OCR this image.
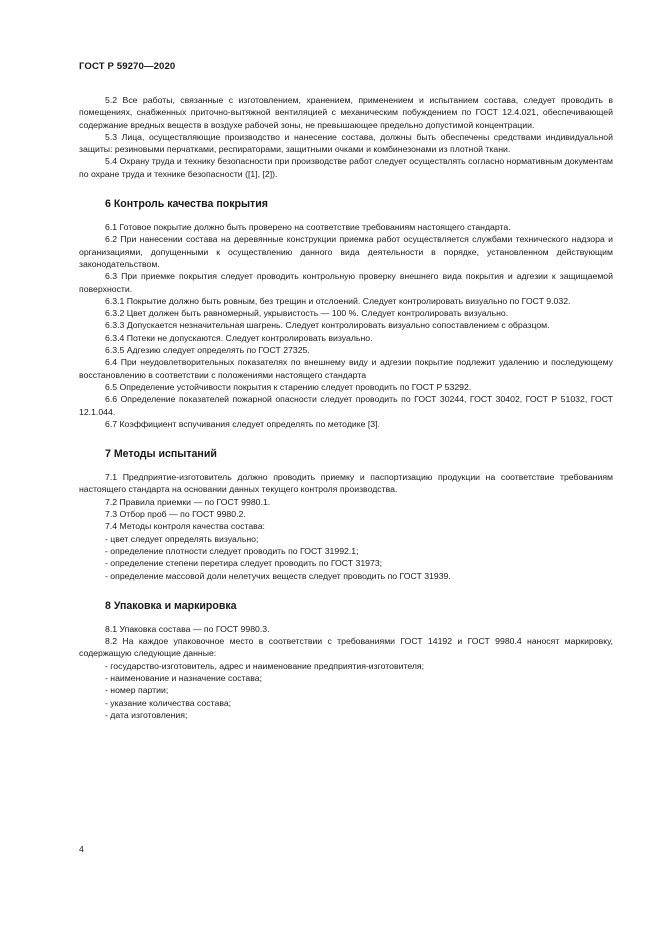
ГОСТ Р 59270—2020

5.2 Все работы, связанные с изготовлением, хранением, применением и испытанием состава, следует проводить в помещениях, снабженных приточно-вытяжной вентиляцией с механическим побуждением по ГОСТ 12.4.021, обеспечивающей содержание вредных веществ в воздухе рабочей зоны, не превышающее предельно допустимой концентрации.

5.3 Лица, осуществляющие производство и нанесение состава, должны быть обеспечены средствами индивидуальной защиты: резиновыми перчатками, респираторами, защитными очками и комбинезонами из плотной ткани.

5.4 Охрану труда и технику безопасности при производстве работ следует осуществлять согласно нормативным документам по охране труда и технике безопасности ([1], [2]).

6 Контроль качества покрытия

6.1 Готовое покрытие должно быть проверено на соответствие требованиям настоящего стандарта.

6.2 При нанесении состава на деревянные конструкции приемка работ осуществляется службами технического надзора и организациями, допущенными к осуществлению данного вида деятельности в порядке, установленном действующим законодательством.

6.3 При приемке покрытия следует проводить контрольную проверку внешнего вида покрытия и адгезии к защищаемой поверхности.

6.3.1 Покрытие должно быть ровным, без трещин и отслоений. Следует контролировать визуально по ГОСТ 9.032.

6.3.2 Цвет должен быть равномерный, укрывистость — 100 %. Следует контролировать визуально.

6.3.3 Допускается незначительная шагрень. Следует контролировать визуально сопоставлением с образцом.

6.3.4 Потеки не допускаются. Следует контролировать визуально.

6.3.5 Адгезию следует определять по ГОСТ 27325.

6.4 При неудовлетворительных показателях по внешнему виду и адгезии покрытие подлежит удалению и последующему восстановлению в соответствии с положениями настоящего стандарта

6.5 Определение устойчивости покрытия к старению следует проводить по ГОСТ Р 53292.

6.6 Определение показателей пожарной опасности следует проводить по ГОСТ 30244, ГОСТ 30402, ГОСТ Р 51032, ГОСТ 12.1.044.

6.7 Коэффициент вспучивания следует определять по методике [3].

7 Методы испытаний

7.1 Предприятие-изготовитель должно проводить приемку и паспортизацию продукции на соответствие требованиям настоящего стандарта на основании данных текущего контроля производства.

7.2 Правила приемки — по ГОСТ 9980.1.

7.3 Отбор проб — по ГОСТ 9980.2.

7.4 Методы контроля качества состава:

- цвет следует определять визуально;
- определение плотности следует проводить по ГОСТ 31992.1;
- определение степени перетира следует проводить по ГОСТ 31973;
- определение массовой доли нелетучих веществ следует проводить по ГОСТ 31939.
8 Упаковка и маркировка

8.1 Упаковка состава — по ГОСТ 9980.3.

8.2 На каждое упаковочное место в соответствии с требованиями ГОСТ 14192 и ГОСТ 9980.4 наносят маркировку, содержащую следующие данные:

- государство-изготовитель, адрес и наименование предприятия-изготовителя;
- наименование и назначение состава;
- номер партии;
- указание количества состава;
- дата изготовления;
4
